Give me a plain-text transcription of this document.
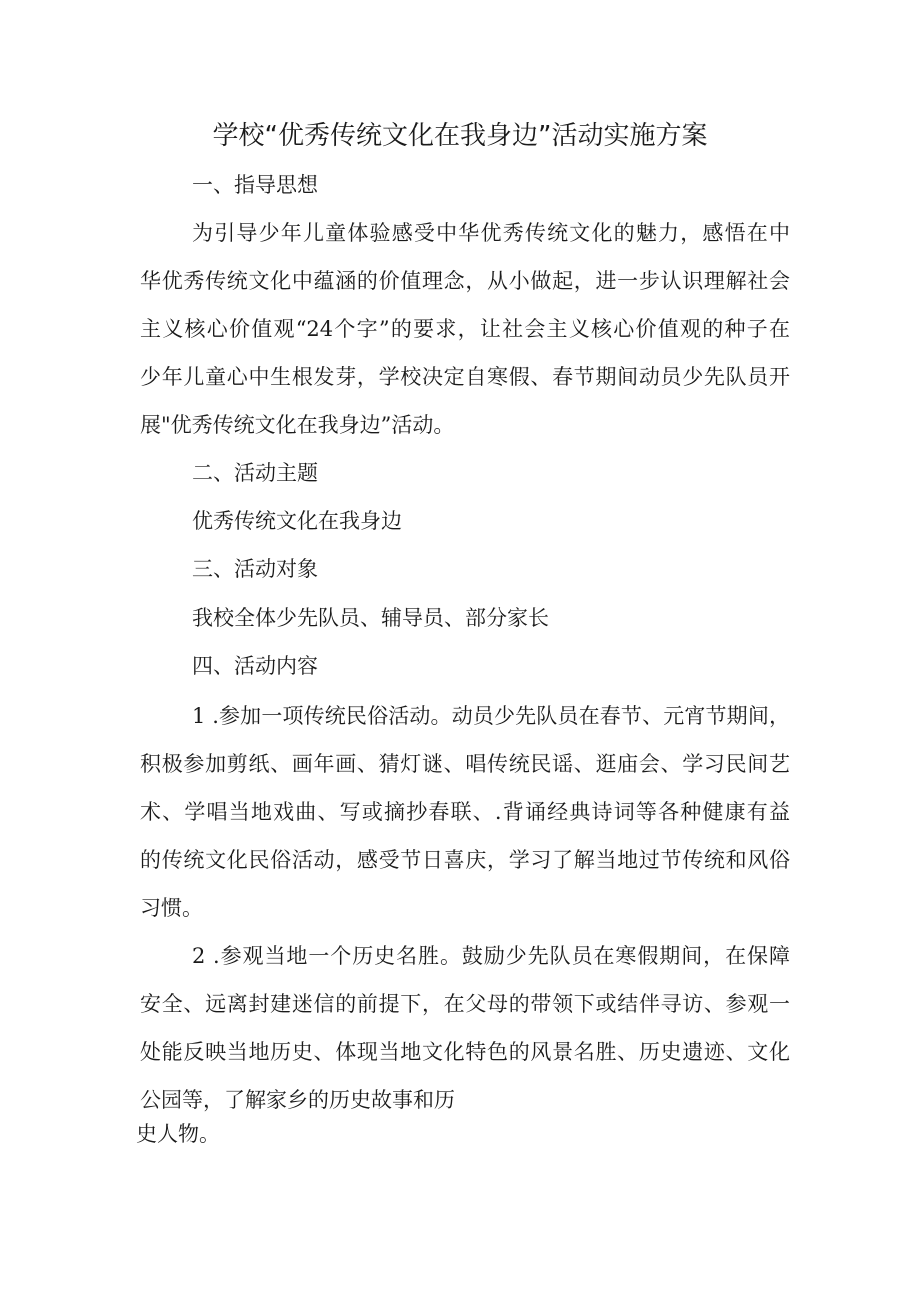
学校“优秀传统文化在我身边”活动实施方案

一、指导思想

为引导少年儿童体验感受中华优秀传统文化的魅力，感悟在中

华优秀传统文化中蕴涵的价值理念，从小做起，进一步认识理解社会

主义核心价值观“24个字”的要求，让社会主义核心价值观的种子在

少年儿童心中生根发芽，学校决定自寒假、春节期间动员少先队员开

展"优秀传统文化在我身边”活动。

二、活动主题

优秀传统文化在我身边

三、活动对象

我校全体少先队员、辅导员、部分家长

四、活动内容

1 .参加一项传统民俗活动。动员少先队员在春节、元宵节期间，

积极参加剪纸、画年画、猜灯谜、唱传统民谣、逛庙会、学习民间艺

术、学唱当地戏曲、写或摘抄春联、.背诵经典诗词等各种健康有益

的传统文化民俗活动，感受节日喜庆，学习了解当地过节传统和风俗

习惯。

2 .参观当地一个历史名胜。鼓励少先队员在寒假期间，在保障

安全、远离封建迷信的前提下，在父母的带领下或结伴寻访、参观一

处能反映当地历史、体现当地文化特色的风景名胜、历史遗迹、文化

公园等，了解家乡的历史故事和历

史人物。
